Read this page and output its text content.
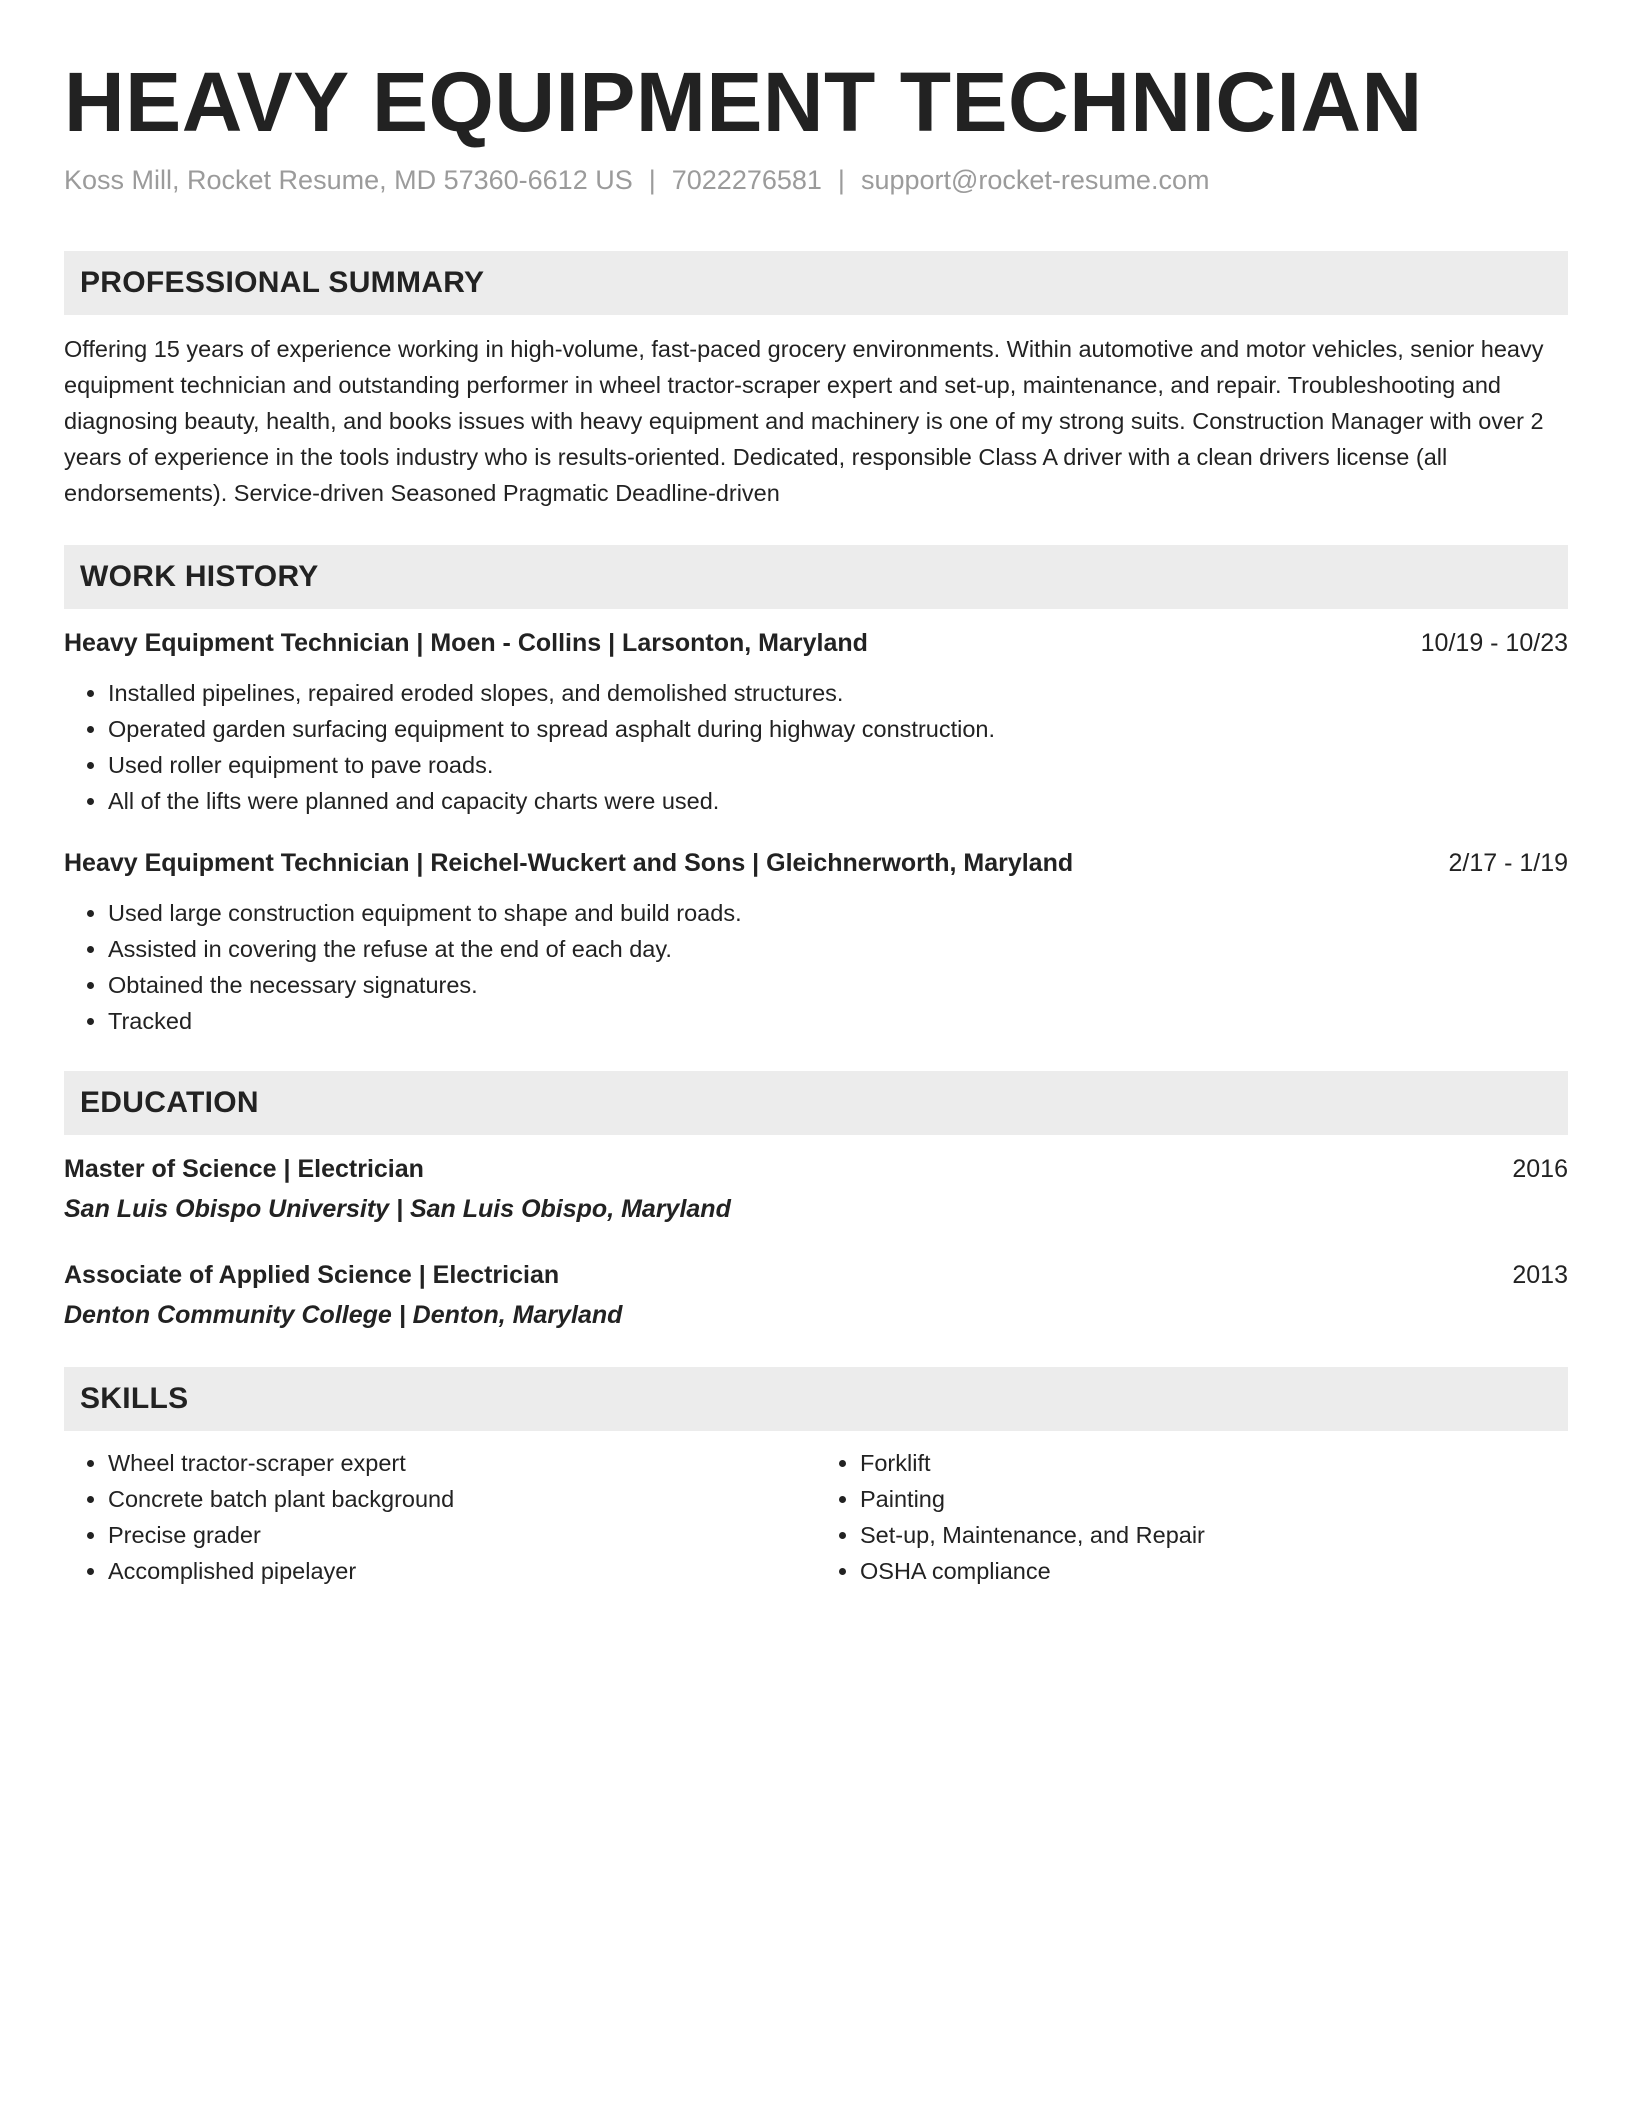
HEAVY EQUIPMENT TECHNICIAN
Koss Mill, Rocket Resume, MD 57360-6612 US | 7022276581 | support@rocket-resume.com
PROFESSIONAL SUMMARY

Offering 15 years of experience working in high-volume, fast-paced grocery environments. Within automotive and motor vehicles, senior heavy equipment technician and outstanding performer in wheel tractor-scraper expert and set-up, maintenance, and repair. Troubleshooting and diagnosing beauty, health, and books issues with heavy equipment and machinery is one of my strong suits. Construction Manager with over 2 years of experience in the tools industry who is results-oriented. Dedicated, responsible Class A driver with a clean drivers license (all endorsements). Service-driven Seasoned Pragmatic Deadline-driven

WORK HISTORY
Heavy Equipment Technician | Moen - Collins | Larsonton, Maryland	10/19 - 10/23
• Installed pipelines, repaired eroded slopes, and demolished structures.
• Operated garden surfacing equipment to spread asphalt during highway construction.
• Used roller equipment to pave roads.
• All of the lifts were planned and capacity charts were used.
Heavy Equipment Technician | Reichel-Wuckert and Sons | Gleichnerworth, Maryland	2/17 - 1/19
• Used large construction equipment to shape and build roads.
• Assisted in covering the refuse at the end of each day.
• Obtained the necessary signatures.
• Tracked
EDUCATION
Master of Science | Electrician	2016
San Luis Obispo University | San Luis Obispo, Maryland
Associate of Applied Science | Electrician	2013
Denton Community College | Denton, Maryland
SKILLS
• Wheel tractor-scraper expert
• Concrete batch plant background
• Precise grader
• Accomplished pipelayer
• Forklift
• Painting
• Set-up, Maintenance, and Repair
• OSHA compliance
